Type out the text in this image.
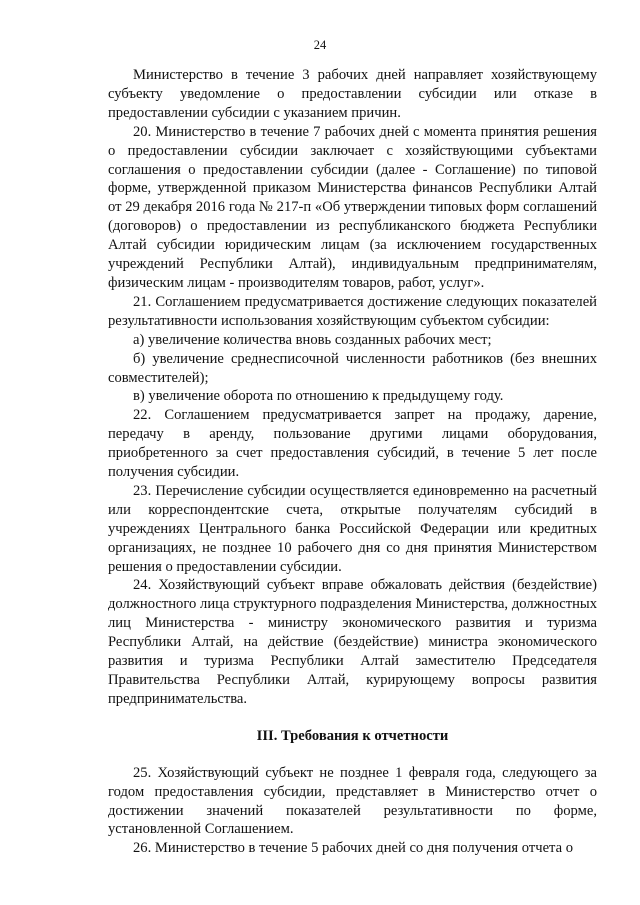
24

Министерство в течение 3 рабочих дней направляет хозяйствующему субъекту уведомление о предоставлении субсидии или отказе в предоставлении субсидии с указанием причин.

20. Министерство в течение 7 рабочих дней с момента принятия решения о предоставлении субсидии заключает с хозяйствующими субъектами соглашения о предоставлении субсидии (далее - Соглашение) по типовой форме, утвержденной приказом Министерства финансов Республики Алтай от 29 декабря 2016 года № 217-п «Об утверждении типовых форм соглашений (договоров) о предоставлении из республиканского бюджета Республики Алтай субсидии юридическим лицам (за исключением государственных учреждений Республики Алтай), индивидуальным предпринимателям, физическим лицам - производителям товаров, работ, услуг».

21. Соглашением предусматривается достижение следующих показателей результативности использования хозяйствующим субъектом субсидии:

а) увеличение количества вновь созданных рабочих мест;

б) увеличение среднесписочной численности работников (без внешних совместителей);

в) увеличение оборота по отношению к предыдущему году.

22. Соглашением предусматривается запрет на продажу, дарение, передачу в аренду, пользование другими лицами оборудования, приобретенного за счет предоставления субсидий, в течение 5 лет после получения субсидии.

23. Перечисление субсидии осуществляется единовременно на расчетный или корреспондентские счета, открытые получателям субсидий в учреждениях Центрального банка Российской Федерации или кредитных организациях, не позднее 10 рабочего дня со дня принятия Министерством решения о предоставлении субсидии.

24. Хозяйствующий субъект вправе обжаловать действия (бездействие) должностного лица структурного подразделения Министерства, должностных лиц Министерства - министру экономического развития и туризма Республики Алтай, на действие (бездействие) министра экономического развития и туризма Республики Алтай заместителю Председателя Правительства Республики Алтай, курирующему вопросы развития предпринимательства.

III. Требования к отчетности

25. Хозяйствующий субъект не позднее 1 февраля года, следующего за годом предоставления субсидии, представляет в Министерство отчет о достижении значений показателей результативности по форме, установленной Соглашением.

26. Министерство в течение 5 рабочих дней со дня получения отчета о
